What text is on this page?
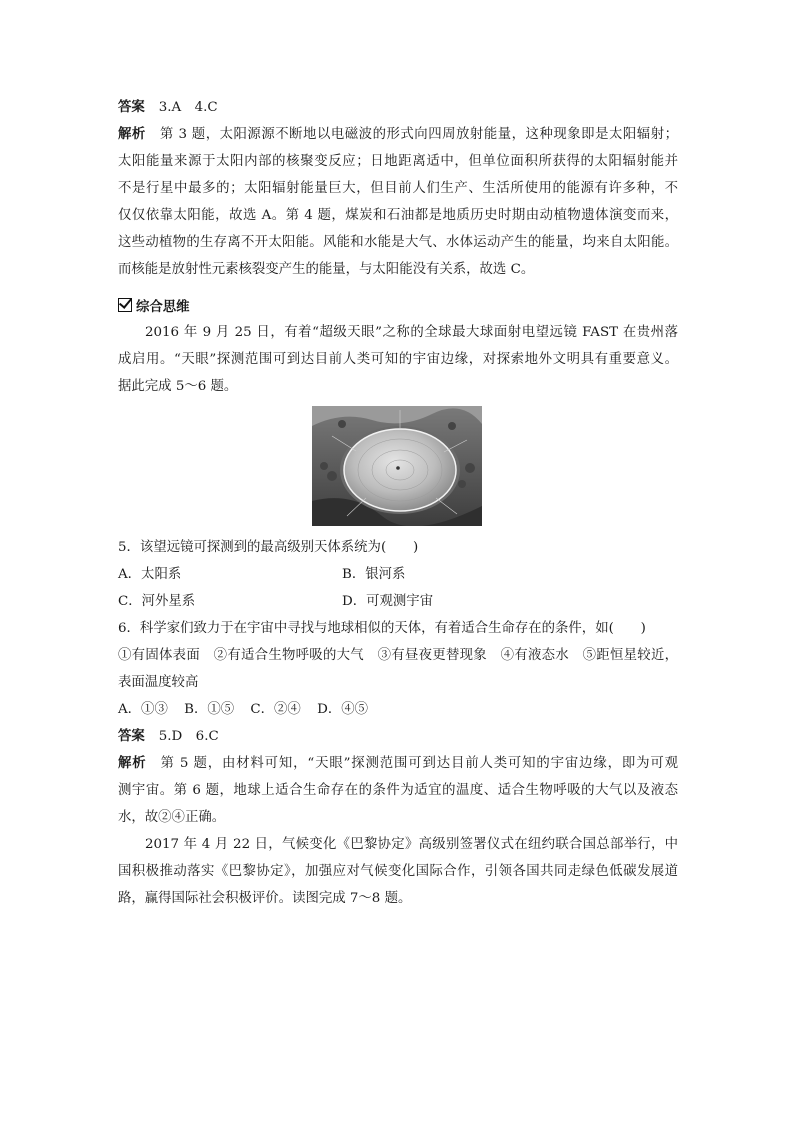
答案 3.A　4.C
解析 第 3 题，太阳源源不断地以电磁波的形式向四周放射能量，这种现象即是太阳辐射；
太阳能量来源于太阳内部的核聚变反应；日地距离适中，但单位面积所获得的太阳辐射能并
不是行星中最多的；太阳辐射能量巨大，但目前人们生产、生活所使用的能源有许多种，不
仅仅依靠太阳能，故选 A。第 4 题，煤炭和石油都是地质历史时期由动植物遗体演变而来，
这些动植物的生存离不开太阳能。风能和水能是大气、水体运动产生的能量，均来自太阳能。
而核能是放射性元素核裂变产生的能量，与太阳能没有关系，故选 C。
综合思维
2016 年 9 月 25 日，有着“超级天眼”之称的全球最大球面射电望远镜 FAST 在贵州落
成启用。“天眼”探测范围可到达目前人类可知的宇宙边缘，对探索地外文明具有重要意义。
据此完成 5～6 题。
5．该望远镜可探测到的最高级别天体系统为(　　)
A．太阳系	B．银河系
C．河外星系	D．可观测宇宙
6．科学家们致力于在宇宙中寻找与地球相似的天体，有着适合生命存在的条件，如(　　)
①有固体表面　②有适合生物呼吸的大气　③有昼夜更替现象　④有液态水　⑤距恒星较近，
表面温度较高
A．①③ B．①⑤ C．②④ D．④⑤
答案 5.D　6.C
解析 第 5 题，由材料可知，“天眼”探测范围可到达目前人类可知的宇宙边缘，即为可观
测宇宙。第 6 题，地球上适合生命存在的条件为适宜的温度、适合生物呼吸的大气以及液态
水，故②④正确。
2017 年 4 月 22 日，气候变化《巴黎协定》高级别签署仪式在纽约联合国总部举行，中
国积极推动落实《巴黎协定》，加强应对气候变化国际合作，引领各国共同走绿色低碳发展道
路，赢得国际社会积极评价。读图完成 7～8 题。
